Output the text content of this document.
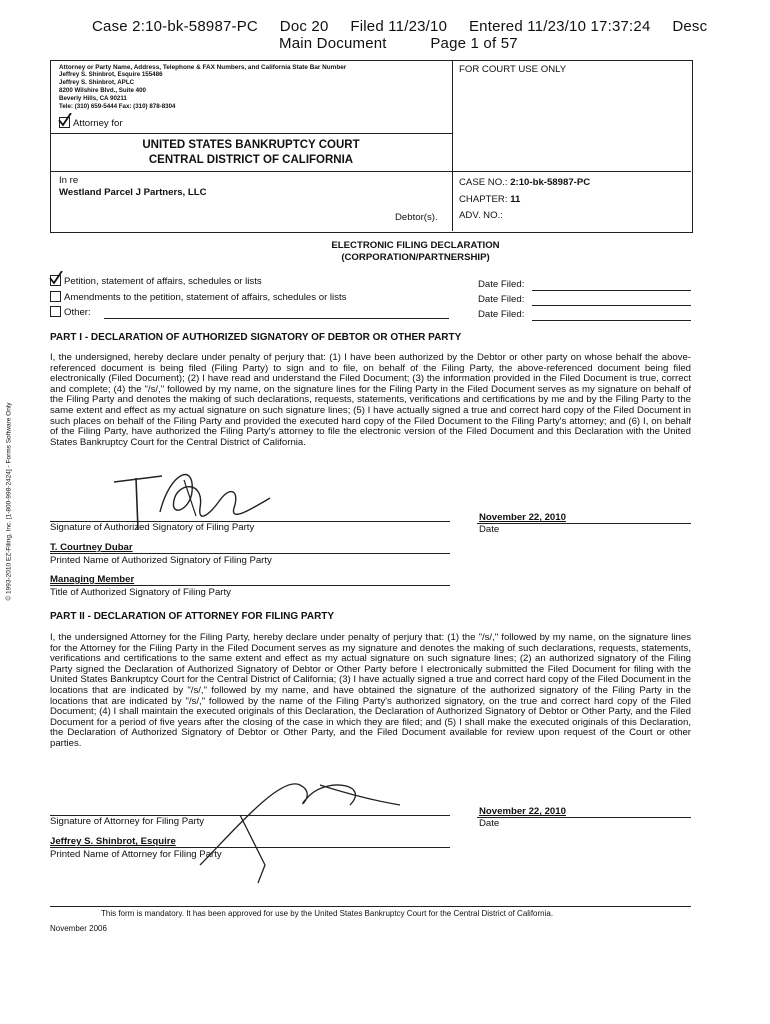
Case 2:10-bk-58987-PC     Doc 20     Filed 11/23/10     Entered 11/23/10 17:37:24     Desc
Main Document          Page 1 of 57
Attorney or Party Name, Address, Telephone & FAX Numbers, and California State Bar Number
Jeffrey S. Shinbrot, Esquire 155486
Jeffrey S. Shinbrot, APLC
8200 Wilshire Blvd., Suite 400
Beverly Hills, CA 90211
Tele: (310) 659-5444 Fax: (310) 878-8304
Attorney for
FOR COURT USE ONLY
UNITED STATES BANKRUPTCY COURT
CENTRAL DISTRICT OF CALIFORNIA
In re
Westland Parcel J Partners, LLC
Debtor(s).
CASE NO.: 2:10-bk-58987-PC
CHAPTER: 11
ADV. NO.:
ELECTRONIC FILING DECLARATION
(CORPORATION/PARTNERSHIP)
Petition, statement of affairs, schedules or lists
Amendments to the petition, statement of affairs, schedules or lists
Other:
Date Filed:
Date Filed:
Date Filed:
PART I - DECLARATION OF AUTHORIZED SIGNATORY OF DEBTOR OR OTHER PARTY
I, the undersigned, hereby declare under penalty of perjury that: (1) I have been authorized by the Debtor or other party on whose behalf the above-referenced document is being filed (Filing Party) to sign and to file, on behalf of the Filing Party, the above-referenced document being filed electronically (Filed Document); (2) I have read and understand the Filed Document; (3) the information provided in the Filed Document is true, correct and complete; (4) the "/s/," followed by my name, on the signature lines for the Filing Party in the Filed Document serves as my signature on behalf of the Filing Party and denotes the making of such declarations, requests, statements, verifications and certifications by me and by the Filing Party to the same extent and effect as my actual signature on such signature lines; (5) I have actually signed a true and correct hard copy of the Filed Document in such places on behalf of the Filing Party and provided the executed hard copy of the Filed Document to the Filing Party's attorney; and (6) I, on behalf of the Filing Party, have authorized the Filing Party's attorney to file the electronic version of the Filed Document and this Declaration with the United States Bankruptcy Court for the Central District of California.
Signature of Authorized Signatory of Filing Party
November 22, 2010
Date
T. Courtney Dubar
Printed Name of Authorized Signatory of Filing Party
Managing Member
Title of Authorized Signatory of Filing Party
PART II - DECLARATION OF ATTORNEY FOR FILING PARTY
I, the undersigned Attorney for the Filing Party, hereby declare under penalty of perjury that: (1) the "/s/," followed by my name, on the signature lines for the Attorney for the Filing Party in the Filed Document serves as my signature and denotes the making of such declarations, requests, statements, verifications and certifications to the same extent and effect as my actual signature on such signature lines; (2) an authorized signatory of the Filing Party signed the Declaration of Authorized Signatory of Debtor or Other Party before I electronically submitted the Filed Document for filing with the United States Bankruptcy Court for the Central District of California; (3) I have actually signed a true and correct hard copy of the Filed Document in the locations that are indicated by "/s/," followed by my name, and have obtained the signature of the authorized signatory of the Filing Party in the locations that are indicated by "/s/," followed by the name of the Filing Party's authorized signatory, on the true and correct hard copy of the Filed Document; (4) I shall maintain the executed originals of this Declaration, the Declaration of Authorized Signatory of Debtor or Other Party, and the Filed Document for a period of five years after the closing of the case in which they are filed; and (5) I shall make the executed originals of this Declaration, the Declaration of Authorized Signatory of Debtor or Other Party, and the Filed Document available for review upon request of the Court or other parties.
Signature of Attorney for Filing Party
November 22, 2010
Date
Jeffrey S. Shinbrot, Esquire
Printed Name of Attorney for Filing Party
This form is mandatory. It has been approved for use by the United States Bankruptcy Court for the Central District of California.
November 2006
© 1993-2010 EZ-Filing, Inc. [1-800-998-2424] - Forms Software Only
